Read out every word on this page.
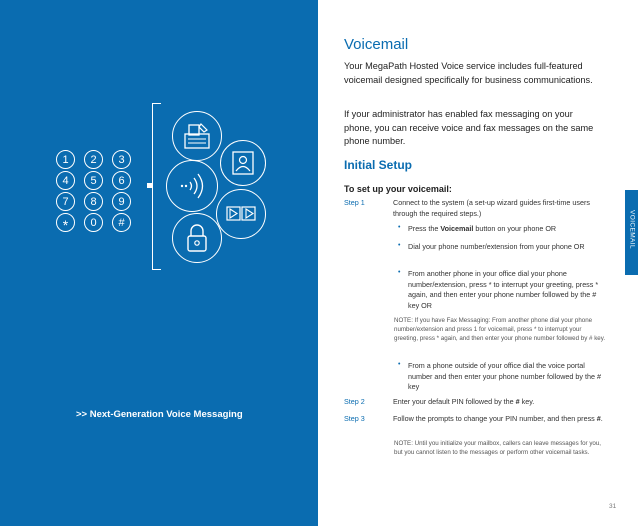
1	2	3
4	5	6
7	8	9
*	0	#
>> Next-Generation Voice Messaging
Voicemail
Your MegaPath Hosted Voice service includes full-featured voicemail designed specifically for business communications.
If your administrator has enabled fax messaging on your phone, you can receive voice and fax messages on the same phone number.
Initial Setup
To set up your voicemail:
Step 1	Connect to the system (a set-up wizard guides first-time users through the required steps.)
• Press the Voicemail button on your phone OR
• Dial your phone number/extension from your phone OR
• From another phone in your office dial your phone number/extension, press * to interrupt your greeting, press * again, and then enter your phone number followed by the # key OR
NOTE: If you have Fax Messaging: From another phone dial your phone number/extension and press 1 for voicemail, press * to interrupt your greeting, press * again, and then enter your phone number followed by # key.
• From a phone outside of your office dial the voice portal number and then enter your phone number followed by the # key
Step 2	Enter your default PIN followed by the # key.
Step 3	Follow the prompts to change your PIN number, and then press #.
NOTE: Until you initialize your mailbox, callers can leave messages for you, but you cannot listen to the messages or perform other voicemail tasks.
VOICEMAIL
31
